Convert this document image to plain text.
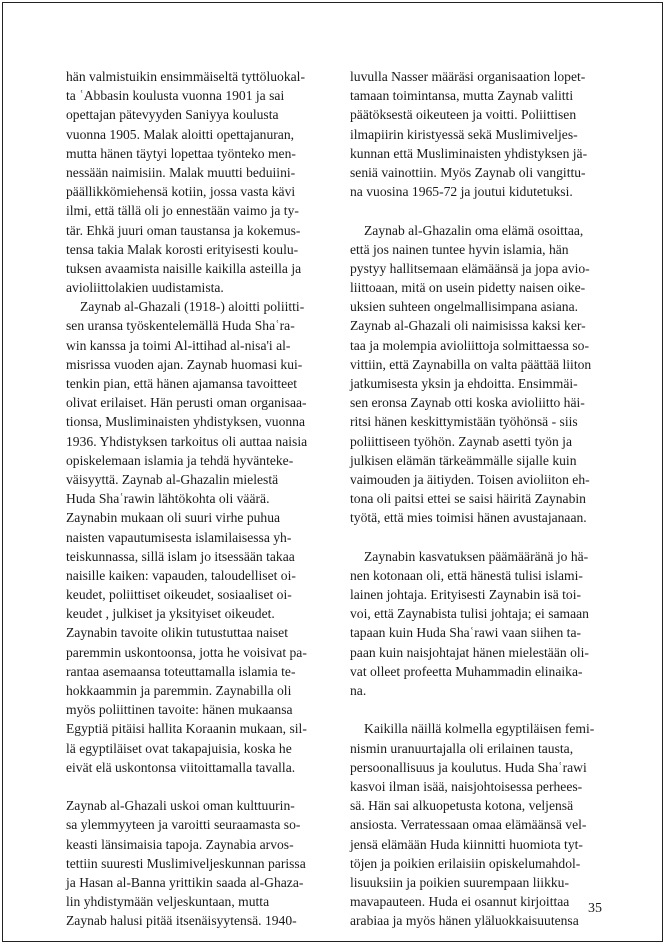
hän valmistuikin ensimmäiseltä tyttöluokal-
ta ʿAbbasin koulusta vuonna 1901 ja sai
opettajan pätevyyden Saniyya koulusta
vuonna 1905. Malak aloitti opettajanuran,
mutta hänen täytyi lopettaa työnteko men-
nessään naimisiin. Malak muutti beduiini-
päällikkömiehensä kotiin, jossa vasta kävi
ilmi, että tällä oli jo ennestään vaimo ja ty-
tär. Ehkä juuri oman taustansa ja kokemus-
tensa takia Malak korosti erityisesti koulu-
tuksen avaamista naisille kaikilla asteilla ja
avioliittolakien uudistamista.
Zaynab al-Ghazali (1918-) aloitti poliitti-
sen uransa työskentelemällä Huda Shaʿra-
win kanssa ja toimi Al-ittihad al-nisa'i al-
misrissa vuoden ajan. Zaynab huomasi kui-
tenkin pian, että hänen ajamansa tavoitteet
olivat erilaiset. Hän perusti oman organisaa-
tionsa, Musliminaisten yhdistyksen, vuonna
1936. Yhdistyksen tarkoitus oli auttaa naisia
opiskelemaan islamia ja tehdä hyväntekе-
väisyyttä. Zaynab al-Ghazalin mielestä
Huda Shaʿrawin lähtökohta oli väärä.
Zaynabin mukaan oli suuri virhe puhua
naisten vapautumisesta islamilaisessa yh-
teiskunnassa, sillä islam jo itsessään takaa
naisille kaiken: vapauden, taloudelliset oi-
keudet, poliittiset oikeudet, sosiaaliset oi-
keudet , julkiset ja yksityiset oikeudet.
Zaynabin tavoite olikin tutustuttaa naiset
paremmin uskontoonsa, jotta he voisivat pa-
rantaa asemaansa toteuttamalla islamia te-
hokkaammin ja paremmin. Zaynabilla oli
myös poliittinen tavoite: hänen mukaansa
Egyptiä pitäisi hallita Koraanin mukaan, sil-
lä egyptiläiset ovat takapajuisia, koska he
eivät elä uskontonsa viitoittamalla tavalla.
Zaynab al-Ghazali uskoi oman kulttuurin-
sa ylemmyyteen ja varoitti seuraamasta so-
keasti länsimaisia tapoja. Zaynabia arvos-
tettiin suuresti Muslimiveljeskunnan parissa
ja Hasan al-Banna yrittikin saada al-Ghaza-
lin yhdistymään veljeskuntaan, mutta
Zaynab halusi pitää itsenäisyytensä. 1940-
luvulla Nasser määräsi organisaation lopet-
tamaan toimintansa, mutta Zaynab valitti
päätöksestä oikeuteen ja voitti. Poliittisen
ilmapiirin kiristyessä sekä Muslimiveljes-
kunnan että Musliminaisten yhdistyksen jä-
seniä vainottiin. Myös Zaynab oli vangittu-
na vuosina 1965-72 ja joutui kidutetuksi.
Zaynab al-Ghazalin oma elämä osoittaa,
että jos nainen tuntee hyvin islamia, hän
pystyy hallitsemaan elämäänsä ja jopa avio-
liittoaan, mitä on usein pidetty naisen oike-
uksien suhteen ongelmallisimpana asiana.
Zaynab al-Ghazali oli naimisissa kaksi ker-
taa ja molempia avioliittoja solmittaessa so-
vittiin, että Zaynabilla on valta päättää liiton
jatkumisesta yksin ja ehdoitta. Ensimmäi-
sen eronsa Zaynab otti koska avioliitto häi-
ritsi hänen keskittymistään työhönsä - siis
poliittiseen työhön. Zaynab asetti työn ja
julkisen elämän tärkeämmälle sijalle kuin
vaimouden ja äitiyden. Toisen avioliiton eh-
tona oli paitsi ettei se saisi häiritä Zaynabin
työtä, että mies toimisi hänen avustajanaan.
Zaynabin kasvatuksen päämääränä jo hä-
nen kotonaan oli, että hänestä tulisi islami-
lainen johtaja. Erityisesti Zaynabin isä toi-
voi, että Zaynabista tulisi johtaja; ei samaan
tapaan kuin Huda Shaʿrawi vaan siihen ta-
paan kuin naisjohtajat hänen mielestään oli-
vat olleet profeetta Muhammadin elinaika-
na.
Kaikilla näillä kolmella egyptiläisen femi-
nismin uranuurtajalla oli erilainen tausta,
persoonallisuus ja koulutus. Huda Shaʿrawi
kasvoi ilman isää, naisjohtoisessa perhees-
sä. Hän sai alkuopetusta kotona, veljensä
ansiosta. Verratessaan omaa elämäänsä vel-
jensä elämään Huda kiinnitti huomiota tyt-
töjen ja poikien erilaisiin opiskelumahdol-
lisuuksiin ja poikien suurempaan liikku-
mavapauteen. Huda ei osannut kirjoittaa
arabiaa ja myös hänen yläluokkaisuutensa
35
